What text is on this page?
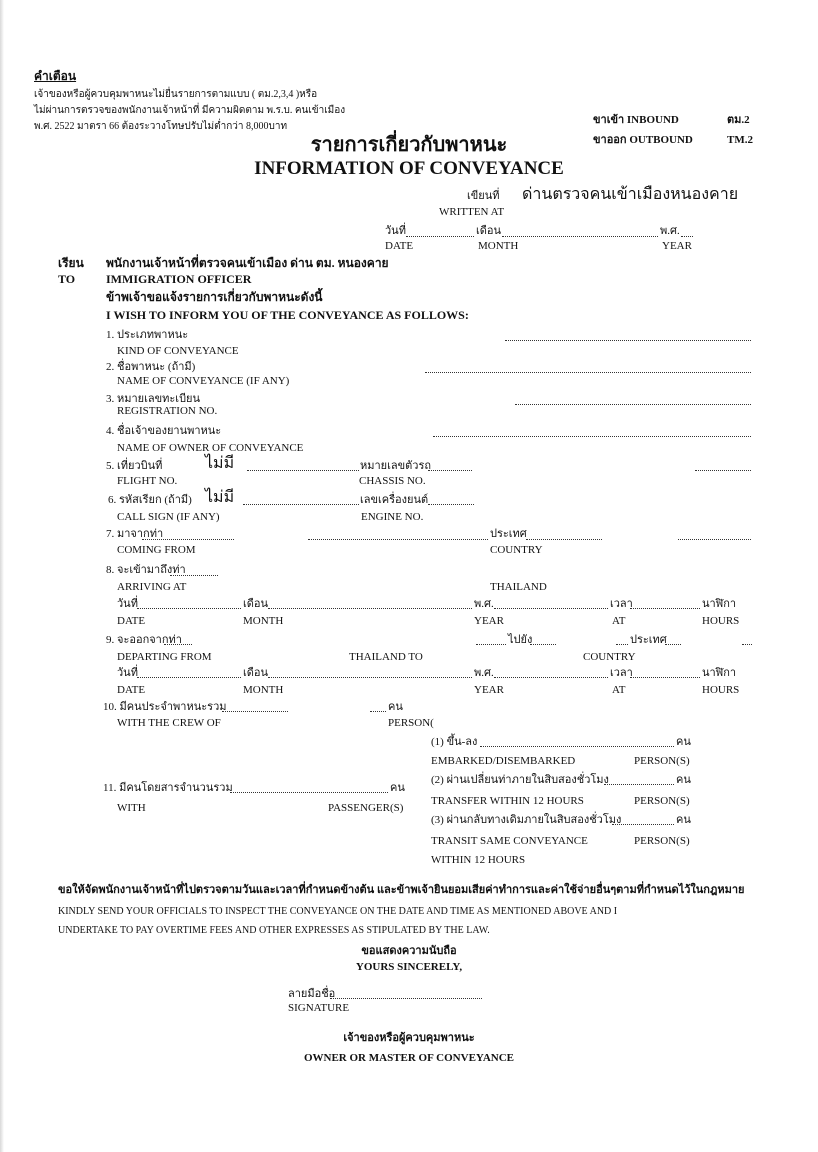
คำเตือน
เจ้าของหรือผู้ควบคุมพาหนะไม่ยื่นรายการตามแบบ ( ตม.2,3,4 )หรือ
ไม่ผ่านการตรวจของพนักงานเจ้าหน้าที่ มีความผิดตาม พ.ร.บ. คนเข้าเมือง
พ.ศ. 2522 มาตรา 66 ต้องระวางโทษปรับไม่ต่ำกว่า 8,000บาท
ขาเข้า INBOUND
ขาออก OUTBOUND
ตม.2
TM.2
รายการเกี่ยวกับพาหนะ
INFORMATION OF CONVEYANCE
เขียนที่ ด่านตรวจคนเข้าเมืองหนองคาย
WRITTEN AT
วันที่	เดือน	พ.ศ.
DATE	MONTH	YEAR
เรียน
TO
พนักงานเจ้าหน้าที่ตรวจคนเข้าเมือง ด่าน ตม. หนองคาย
IMMIGRATION OFFICER
ข้าพเจ้าขอแจ้งรายการเกี่ยวกับพาหนะดังนี้
I WISH TO INFORM YOU OF THE CONVEYANCE AS FOLLOWS:
1. ประเภทพาหนะ
KIND OF CONVEYANCE
2. ชื่อพาหนะ (ถ้ามี)
NAME OF CONVEYANCE (IF ANY)
3. หมายเลขทะเบียน
REGISTRATION NO.
4. ชื่อเจ้าของยานพาหนะ
NAME OF OWNER OF CONVEYANCE
5. เที่ยวบินที่	ไม่มี	หมายเลขตัวรถ
FLIGHT NO.	CHASSIS NO.
6. รหัสเรียก (ถ้ามี) ไม่มี	เลขเครื่องยนต์
CALL SIGN (IF ANY)	ENGINE NO.
7. มาจากท่า	ประเทศ
COMING FROM	COUNTRY
8. จะเข้ามาถึงท่า
ARRIVING AT	THAILAND
วันที่	เดือน	พ.ศ.	เวลา	นาฬิกา
DATE	MONTH	YEAR	AT	HOURS
9. จะออกจากท่า	ไปยัง	ประเทศ
DEPARTING FROM	THAILAND TO	COUNTRY
วันที่	เดือน	พ.ศ.	เวลา	นาฬิกา
DATE	MONTH	YEAR	AT	HOURS
10. มีคนประจำพาหนะรวม	คน
WITH THE CREW OF	PERSON(
(1) ขึ้น-ลง	คน
EMBARKED/DISEMBARKED	PERSON(S)
(2) ผ่านเปลี่ยนท่าภายในสิบสองชั่วโมง	คน
TRANSFER WITHIN 12 HOURS	PERSON(S)
(3) ผ่านกลับทางเดิมภายในสิบสองชั่วโมง	คน
TRANSIT SAME CONVEYANCE	PERSON(S)
WITHIN 12 HOURS
11. มีคนโดยสารจำนวนรวม	คน
WITH	PASSENGER(S)
ขอให้จัดพนักงานเจ้าหน้าที่ไปตรวจตามวันและเวลาที่กำหนดข้างต้น และข้าพเจ้ายินยอมเสียค่าทำการและค่าใช้จ่ายอื่นๆตามที่กำหนดไว้ในกฎหมาย
KINDLY SEND YOUR OFFICIALS TO INSPECT THE CONVEYANCE ON THE DATE AND TIME AS MENTIONED ABOVE AND I
UNDERTAKE TO PAY OVERTIME FEES AND OTHER EXPRESSES AS STIPULATED BY THE LAW.
ขอแสดงความนับถือ
YOURS SINCERELY,
ลายมือชื่อ
SIGNATURE
เจ้าของหรือผู้ควบคุมพาหนะ
OWNER OR MASTER OF CONVEYANCE
